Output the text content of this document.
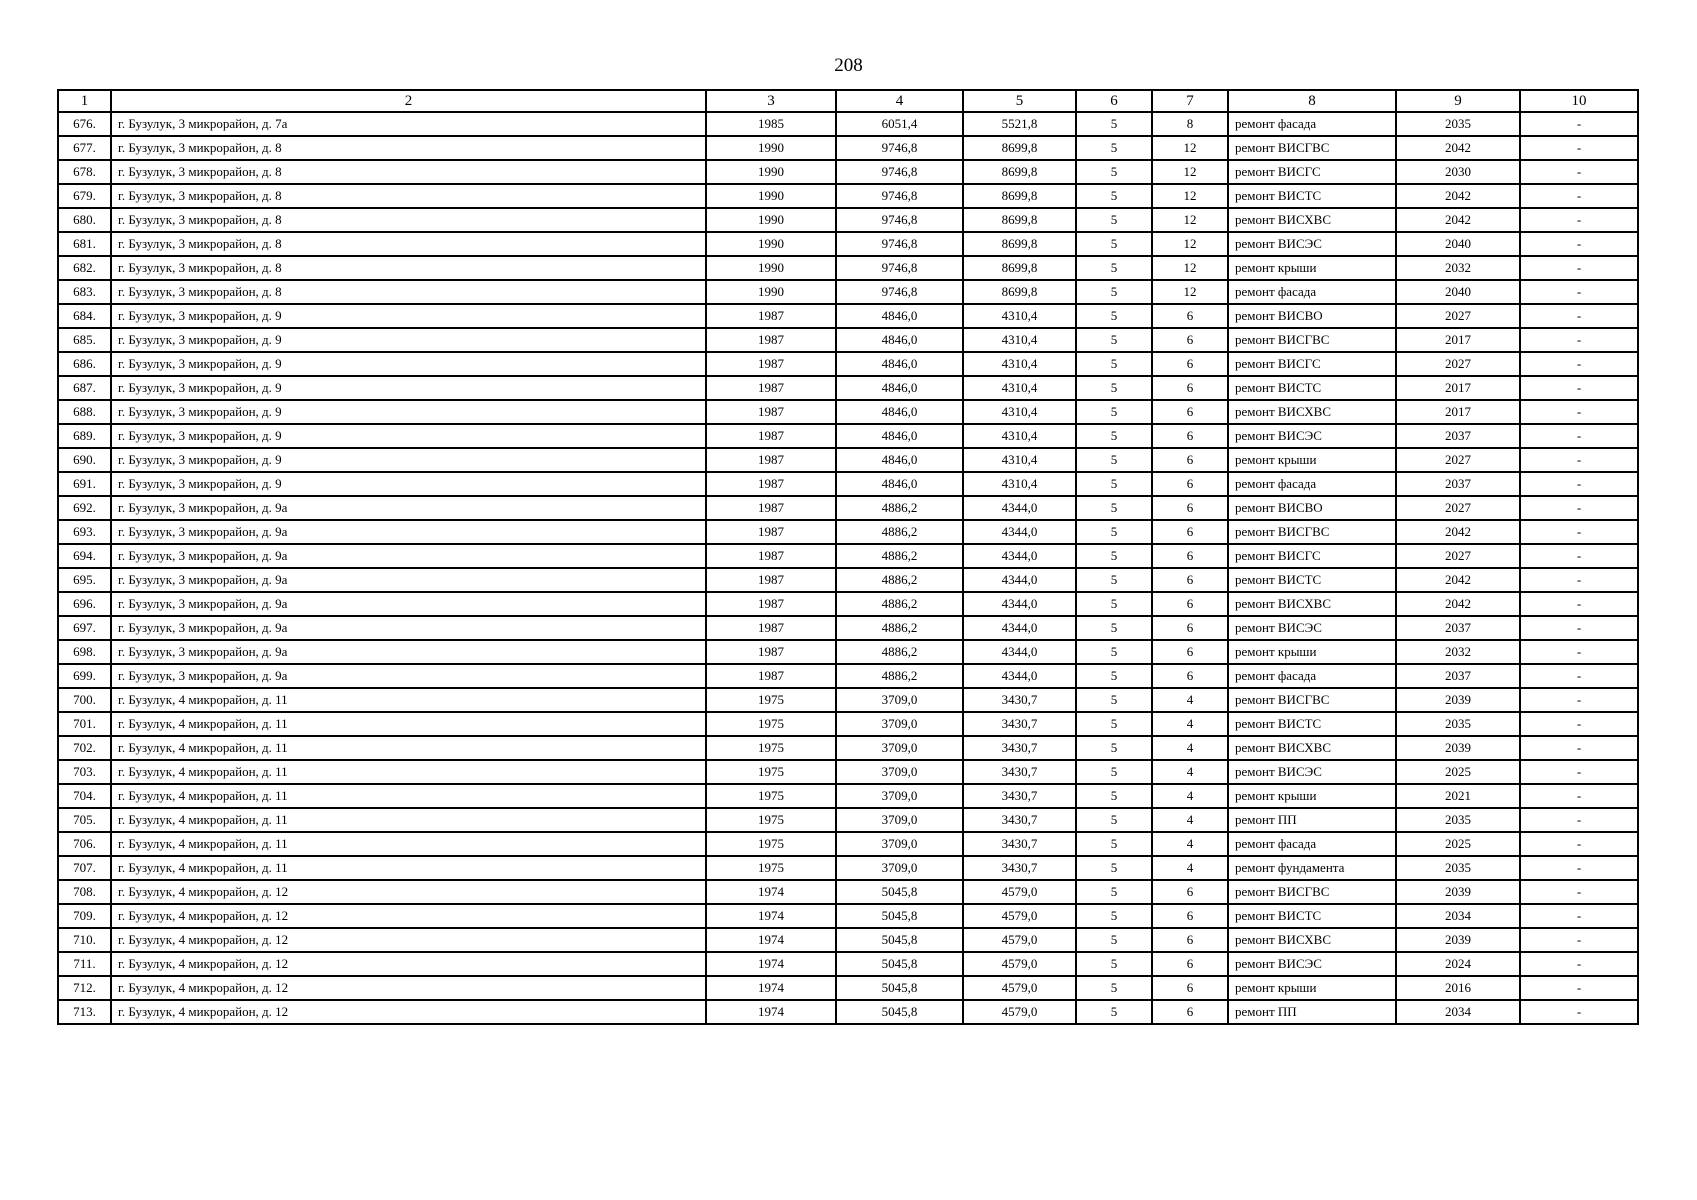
208
1	2	3	4	5	6	7	8	9	10
676.	г. Бузулук, 3 микрорайон, д. 7а	1985	6051,4	5521,8	5	8	ремонт фасада	2035	-
677.	г. Бузулук, 3 микрорайон, д. 8	1990	9746,8	8699,8	5	12	ремонт ВИСГВС	2042	-
678.	г. Бузулук, 3 микрорайон, д. 8	1990	9746,8	8699,8	5	12	ремонт ВИСГС	2030	-
679.	г. Бузулук, 3 микрорайон, д. 8	1990	9746,8	8699,8	5	12	ремонт ВИСТС	2042	-
680.	г. Бузулук, 3 микрорайон, д. 8	1990	9746,8	8699,8	5	12	ремонт ВИСХВС	2042	-
681.	г. Бузулук, 3 микрорайон, д. 8	1990	9746,8	8699,8	5	12	ремонт ВИСЭС	2040	-
682.	г. Бузулук, 3 микрорайон, д. 8	1990	9746,8	8699,8	5	12	ремонт крыши	2032	-
683.	г. Бузулук, 3 микрорайон, д. 8	1990	9746,8	8699,8	5	12	ремонт фасада	2040	-
684.	г. Бузулук, 3 микрорайон, д. 9	1987	4846,0	4310,4	5	6	ремонт ВИСВО	2027	-
685.	г. Бузулук, 3 микрорайон, д. 9	1987	4846,0	4310,4	5	6	ремонт ВИСГВС	2017	-
686.	г. Бузулук, 3 микрорайон, д. 9	1987	4846,0	4310,4	5	6	ремонт ВИСГС	2027	-
687.	г. Бузулук, 3 микрорайон, д. 9	1987	4846,0	4310,4	5	6	ремонт ВИСТС	2017	-
688.	г. Бузулук, 3 микрорайон, д. 9	1987	4846,0	4310,4	5	6	ремонт ВИСХВС	2017	-
689.	г. Бузулук, 3 микрорайон, д. 9	1987	4846,0	4310,4	5	6	ремонт ВИСЭС	2037	-
690.	г. Бузулук, 3 микрорайон, д. 9	1987	4846,0	4310,4	5	6	ремонт крыши	2027	-
691.	г. Бузулук, 3 микрорайон, д. 9	1987	4846,0	4310,4	5	6	ремонт фасада	2037	-
692.	г. Бузулук, 3 микрорайон, д. 9а	1987	4886,2	4344,0	5	6	ремонт ВИСВО	2027	-
693.	г. Бузулук, 3 микрорайон, д. 9а	1987	4886,2	4344,0	5	6	ремонт ВИСГВС	2042	-
694.	г. Бузулук, 3 микрорайон, д. 9а	1987	4886,2	4344,0	5	6	ремонт ВИСГС	2027	-
695.	г. Бузулук, 3 микрорайон, д. 9а	1987	4886,2	4344,0	5	6	ремонт ВИСТС	2042	-
696.	г. Бузулук, 3 микрорайон, д. 9а	1987	4886,2	4344,0	5	6	ремонт ВИСХВС	2042	-
697.	г. Бузулук, 3 микрорайон, д. 9а	1987	4886,2	4344,0	5	6	ремонт ВИСЭС	2037	-
698.	г. Бузулук, 3 микрорайон, д. 9а	1987	4886,2	4344,0	5	6	ремонт крыши	2032	-
699.	г. Бузулук, 3 микрорайон, д. 9а	1987	4886,2	4344,0	5	6	ремонт фасада	2037	-
700.	г. Бузулук, 4 микрорайон, д. 11	1975	3709,0	3430,7	5	4	ремонт ВИСГВС	2039	-
701.	г. Бузулук, 4 микрорайон, д. 11	1975	3709,0	3430,7	5	4	ремонт ВИСТС	2035	-
702.	г. Бузулук, 4 микрорайон, д. 11	1975	3709,0	3430,7	5	4	ремонт ВИСХВС	2039	-
703.	г. Бузулук, 4 микрорайон, д. 11	1975	3709,0	3430,7	5	4	ремонт ВИСЭС	2025	-
704.	г. Бузулук, 4 микрорайон, д. 11	1975	3709,0	3430,7	5	4	ремонт крыши	2021	-
705.	г. Бузулук, 4 микрорайон, д. 11	1975	3709,0	3430,7	5	4	ремонт ПП	2035	-
706.	г. Бузулук, 4 микрорайон, д. 11	1975	3709,0	3430,7	5	4	ремонт фасада	2025	-
707.	г. Бузулук, 4 микрорайон, д. 11	1975	3709,0	3430,7	5	4	ремонт фундамента	2035	-
708.	г. Бузулук, 4 микрорайон, д. 12	1974	5045,8	4579,0	5	6	ремонт ВИСГВС	2039	-
709.	г. Бузулук, 4 микрорайон, д. 12	1974	5045,8	4579,0	5	6	ремонт ВИСТС	2034	-
710.	г. Бузулук, 4 микрорайон, д. 12	1974	5045,8	4579,0	5	6	ремонт ВИСХВС	2039	-
711.	г. Бузулук, 4 микрорайон, д. 12	1974	5045,8	4579,0	5	6	ремонт ВИСЭС	2024	-
712.	г. Бузулук, 4 микрорайон, д. 12	1974	5045,8	4579,0	5	6	ремонт крыши	2016	-
713.	г. Бузулук, 4 микрорайон, д. 12	1974	5045,8	4579,0	5	6	ремонт ПП	2034	-
